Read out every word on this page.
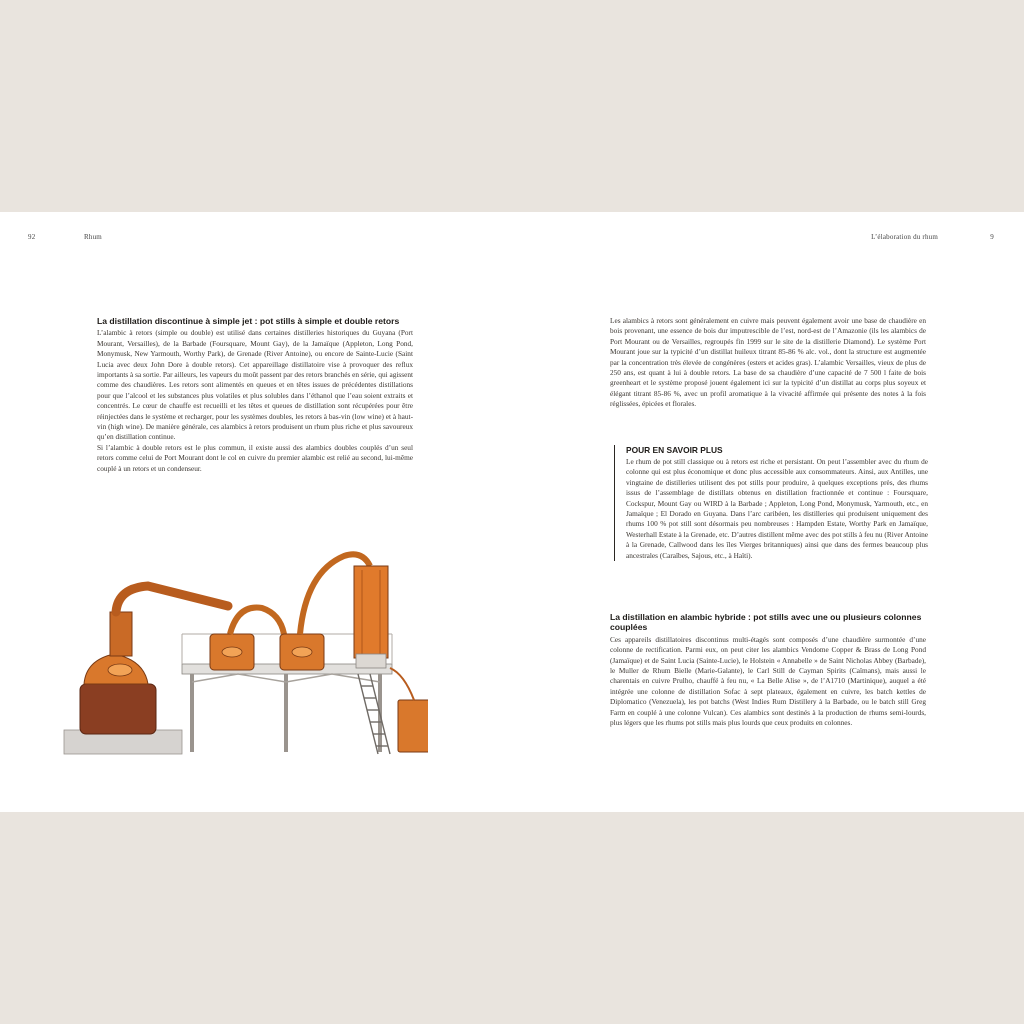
92	Rhum	L’élaboration du rhum	9

La distillation discontinue à simple jet : pot stills à simple et double retors

L’alambic à retors (simple ou double) est utilisé dans certaines distilleries historiques du Guyana (Port Mourant, Versailles), de la Barbade (Foursquare, Mount Gay), de la Jamaïque (Appleton, Long Pond, Monymusk, New Yarmouth, Worthy Park), de Grenade (River Antoine), ou encore de Sainte-Lucie (Saint Lucia avec deux John Dore à double retors). Cet appareillage distillatoire vise à provoquer des reflux importants à sa sortie. Par ailleurs, les vapeurs du moût passent par des retors branchés en série, qui agissent comme des chaudières. Les retors sont alimentés en queues et en têtes issues de précédentes distillations pour que l’alcool et les substances plus volatiles et plus solubles dans l’éthanol que l’eau soient extraits et concentrés. Le cœur de chauffe est recueilli et les têtes et queues de distillation sont récupérées pour être réinjectées dans le système et recharger, pour les systèmes doubles, les retors à bas-vin (low wine) et à haut-vin (high wine). De manière générale, ces alambics à retors produisent un rhum plus riche et plus savoureux qu’en distillation continue.

Si l’alambic à double retors est le plus commun, il existe aussi des alambics doubles couplés d’un seul retors comme celui de Port Mourant dont le col en cuivre du premier alambic est relié au second, lui-même couplé à un retors et un condenseur.

Les alambics à retors sont généralement en cuivre mais peuvent également avoir une base de chaudière en bois provenant, une essence de bois dur imputrescible de l’est, nord-est de l’Amazonie (ils les alambics de Port Mourant ou de Versailles, regroupés fin 1999 sur le site de la distillerie Diamond). Le système Port Mourant joue sur la typicité d’un distillat huileux titrant 85-86 % alc. vol., dont la structure est augmentée par la concentration très élevée de congénères (esters et acides gras). L’alambic Versailles, vieux de plus de 250 ans, est quant à lui à double retors. La base de sa chaudière d’une capacité de 7 500 l faite de bois greenheart et le système proposé jouent également ici sur la typicité d’un distillat au corps plus soyeux et élégant titrant 85-86 %, avec un profil aromatique à la vivacité affirmée qui présente des notes à la fois réglissées, épicées et florales.

POUR EN SAVOIR PLUS

Le rhum de pot still classique ou à retors est riche et persistant. On peut l’assembler avec du rhum de colonne qui est plus économique et donc plus accessible aux consommateurs. Ainsi, aux Antilles, une vingtaine de distilleries utilisent des pot stills pour produire, à quelques exceptions près, des rhums issus de l’assemblage de distillats obtenus en distillation fractionnée et continue : Foursquare, Cockspur, Mount Gay ou WIRD à la Barbade ; Appleton, Long Pond, Monymusk, Yarmouth, etc., en Jamaïque ; El Dorado en Guyana. Dans l’arc caribéen, les distilleries qui produisent uniquement des rhums 100 % pot still sont désormais peu nombreuses : Hampden Estate, Worthy Park en Jamaïque, Westerhall Estate à la Grenade, etc. D’autres distillent même avec des pot stills à feu nu (River Antoine à la Grenade, Callwood dans les îles Vierges britanniques) ainsi que dans des fermes beaucoup plus ancestrales (Caraïbes, Sajous, etc., à Haïti).

La distillation en alambic hybride : pot stills avec une ou plusieurs colonnes couplées

Ces appareils distillatoires discontinus multi-étagés sont composés d’une chaudière surmontée d’une colonne de rectification. Parmi eux, on peut citer les alambics Vendome Copper & Brass de Long Pond (Jamaïque) et de Saint Lucia (Sainte-Lucie), le Holstein « Annabelle » de Saint Nicholas Abbey (Barbade), le Muller de Rhum Bielle (Marie-Galante), le Carl Still de Cayman Spirits (Caïmans), mais aussi le charentais en cuivre Prulho, chauffé à feu nu, « La Belle Alise », de l’A1710 (Martinique), auquel a été intégrée une colonne de distillation Sofac à sept plateaux, également en cuivre, les batch kettles de Diplomatico (Venezuela), les pot batchs (West Indies Rum Distillery à la Barbade, ou le batch still Greg Farm en couplé à une colonne Vulcan). Ces alambics sont destinés à la production de rhums semi-lourds, plus légers que les rhums pot stills mais plus lourds que ceux produits en colonnes.
